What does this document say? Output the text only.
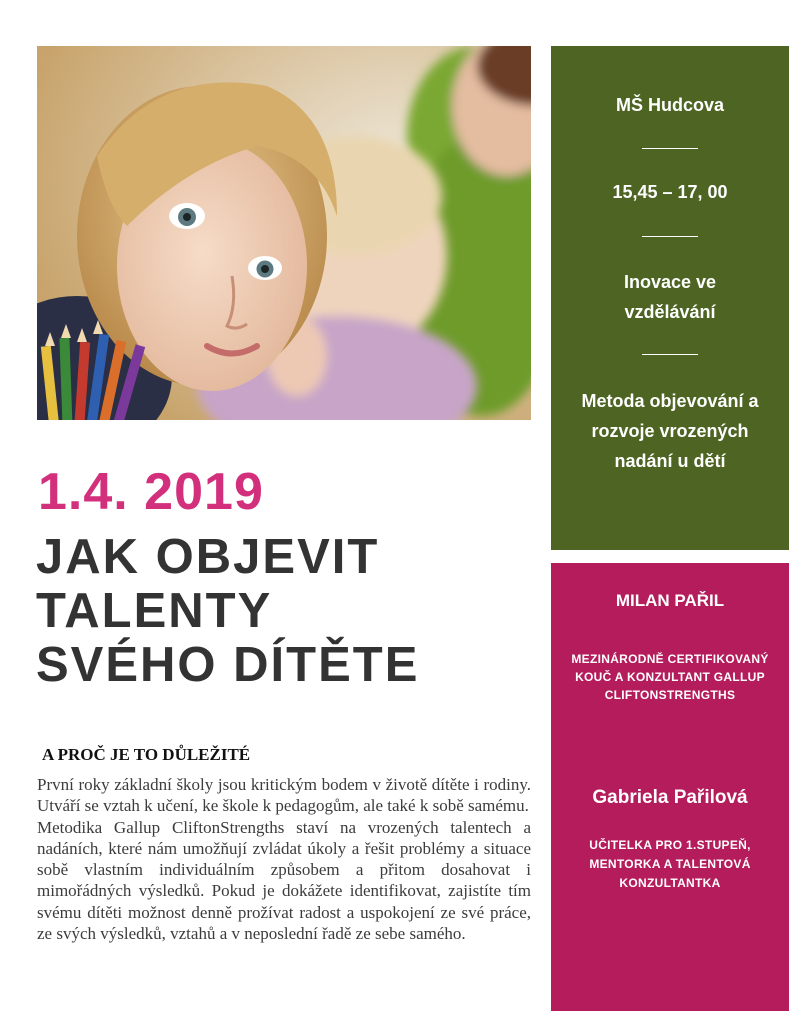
1.4. 2019
JAK OBJEVIT
TALENTY
SVÉHO DÍTĚTE
A PROČ JE TO DŮLEŽITÉ

První roky základní školy jsou kritickým bodem v životě dítěte i rodiny. Utváří se vztah k učení, ke škole k pedagogům, ale také k sobě samému.

Metodika Gallup CliftonStrengths staví na vrozených talentech a nadáních, které nám umožňují zvládat úkoly a řešit problémy a situace sobě vlastním individuálním způsobem a přitom dosahovat i mimořádných výsledků. Pokud je dokážete identifikovat, zajistíte tím svému dítěti možnost denně prožívat radost a uspokojení ze své práce, ze svých výsledků, vztahů a v neposlední řadě ze sebe samého.

MŠ Hudcova
15,45 – 17, 00
Inovace ve vzdělávání
Metoda objevování a rozvoje vrozených nadání u dětí
MILAN PAŘIL
MEZINÁRODNĚ CERTIFIKOVANÝ KOUČ A KONZULTANT GALLUP CLIFTONSTRENGTHS
Gabriela Pařilová
UČITELKA PRO 1.STUPEŇ, MENTORKA A TALENTOVÁ KONZULTANTKA
